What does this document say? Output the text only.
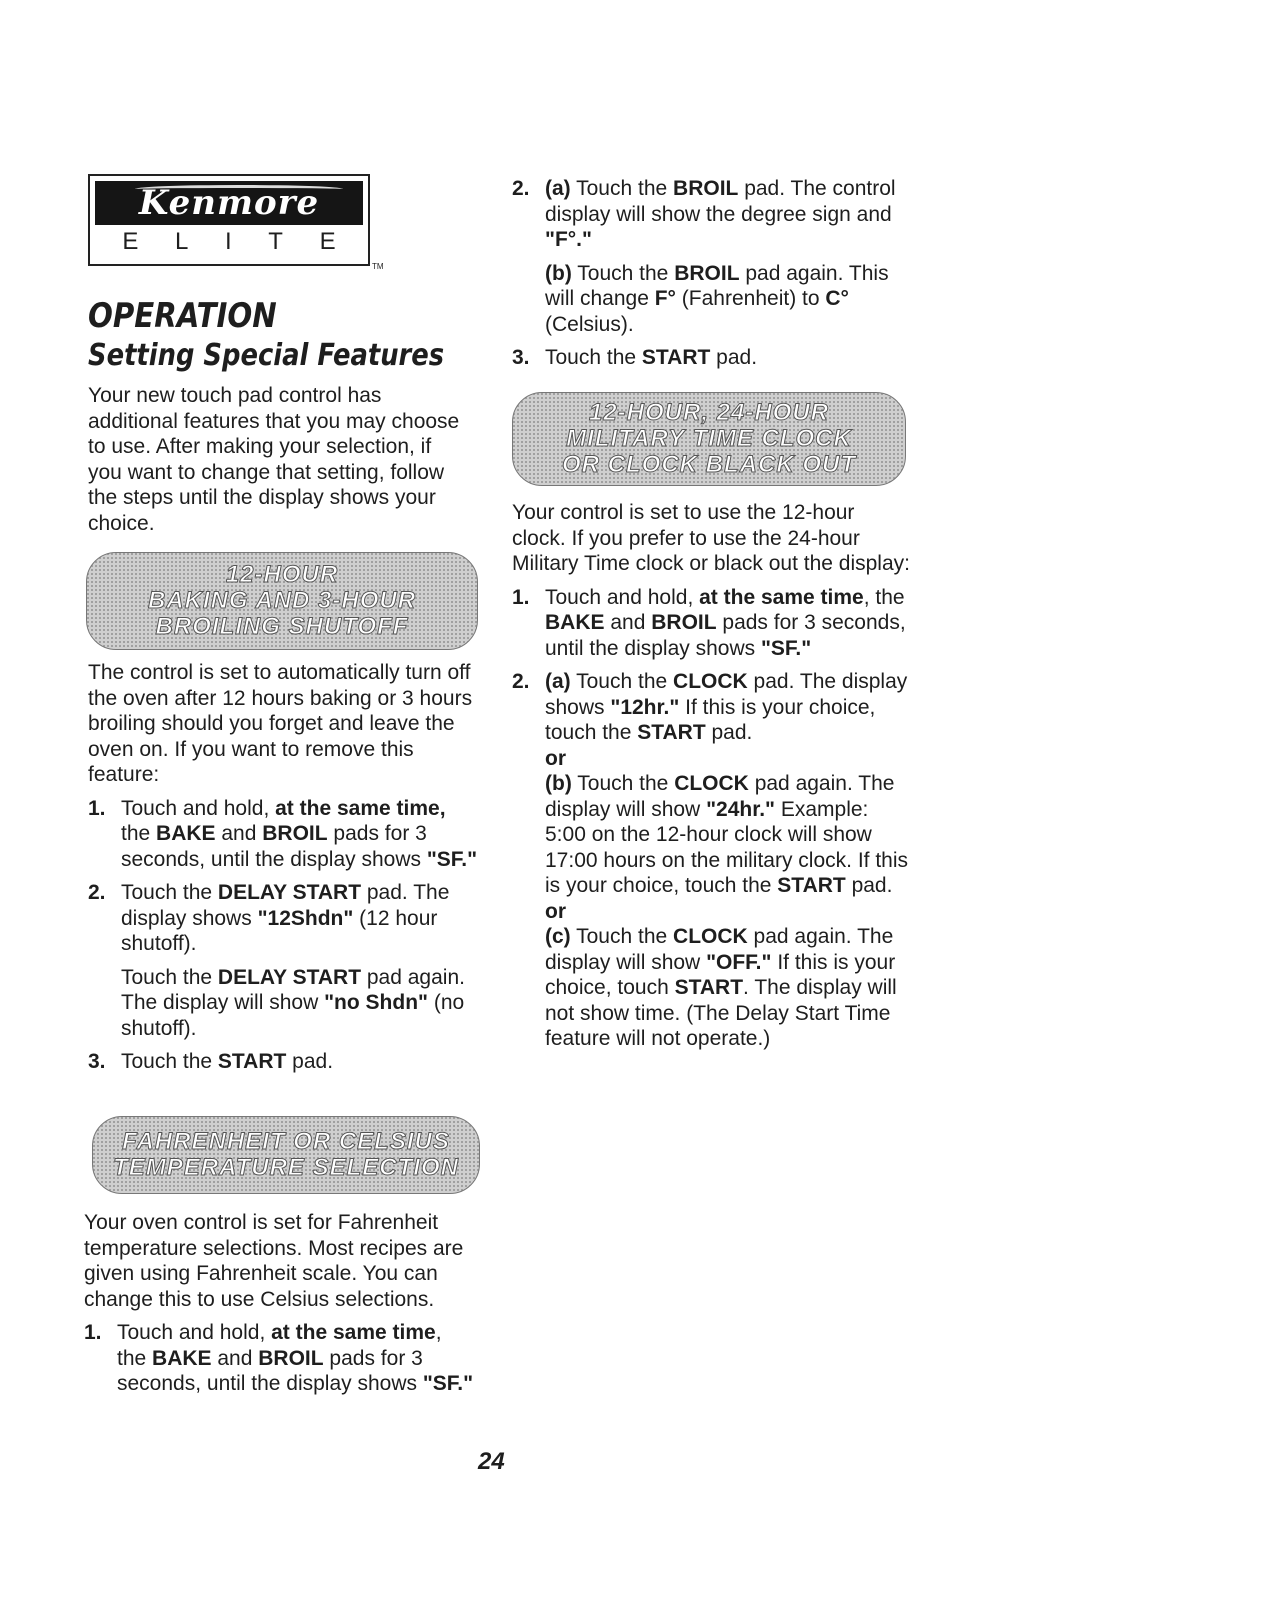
Kenmore
E L I T E
TM
OPERATION
Setting Special Features

Your new touch pad control has additional features that you may choose to use. After making your selection, if you want to change that setting, follow the steps until the display shows your choice.

12-HOUR
BAKING AND 3-HOUR
BROILING SHUTOFF

The control is set to automatically turn off the oven after 12 hours baking or 3 hours broiling should you forget and leave the oven on. If you want to remove this feature:

1. Touch and hold, at the same time, the BAKE and BROIL pads for 3 seconds, until the display shows "SF."
2. Touch the DELAY START pad. The display shows "12Shdn" (12 hour shutoff).

Touch the DELAY START pad again. The display will show "no Shdn" (no shutoff).

3. Touch the START pad.
FAHRENHEIT OR CELSIUS
TEMPERATURE SELECTION

Your oven control is set for Fahrenheit temperature selections. Most recipes are given using Fahrenheit scale. You can change this to use Celsius selections.

1. Touch and hold, at the same time, the BAKE and BROIL pads for 3 seconds, until the display shows "SF."
2. (a) Touch the BROIL pad. The control display will show the degree sign and "F°."

(b) Touch the BROIL pad again. This will change F° (Fahrenheit) to C° (Celsius).

3. Touch the START pad.
12-HOUR, 24-HOUR
MILITARY TIME CLOCK
OR CLOCK BLACK OUT

Your control is set to use the 12-hour clock. If you prefer to use the 24-hour Military Time clock or black out the display:

1. Touch and hold, at the same time, the BAKE and BROIL pads for 3 seconds, until the display shows "SF."
2. (a) Touch the CLOCK pad. The display shows "12hr." If this is your choice, touch the START pad.

or

(b) Touch the CLOCK pad again. The display will show "24hr." Example: 5:00 on the 12-hour clock will show 17:00 hours on the military clock. If this is your choice, touch the START pad.

or

(c) Touch the CLOCK pad again. The display will show "OFF." If this is your choice, touch START. The display will not show time. (The Delay Start Time feature will not operate.)

24
